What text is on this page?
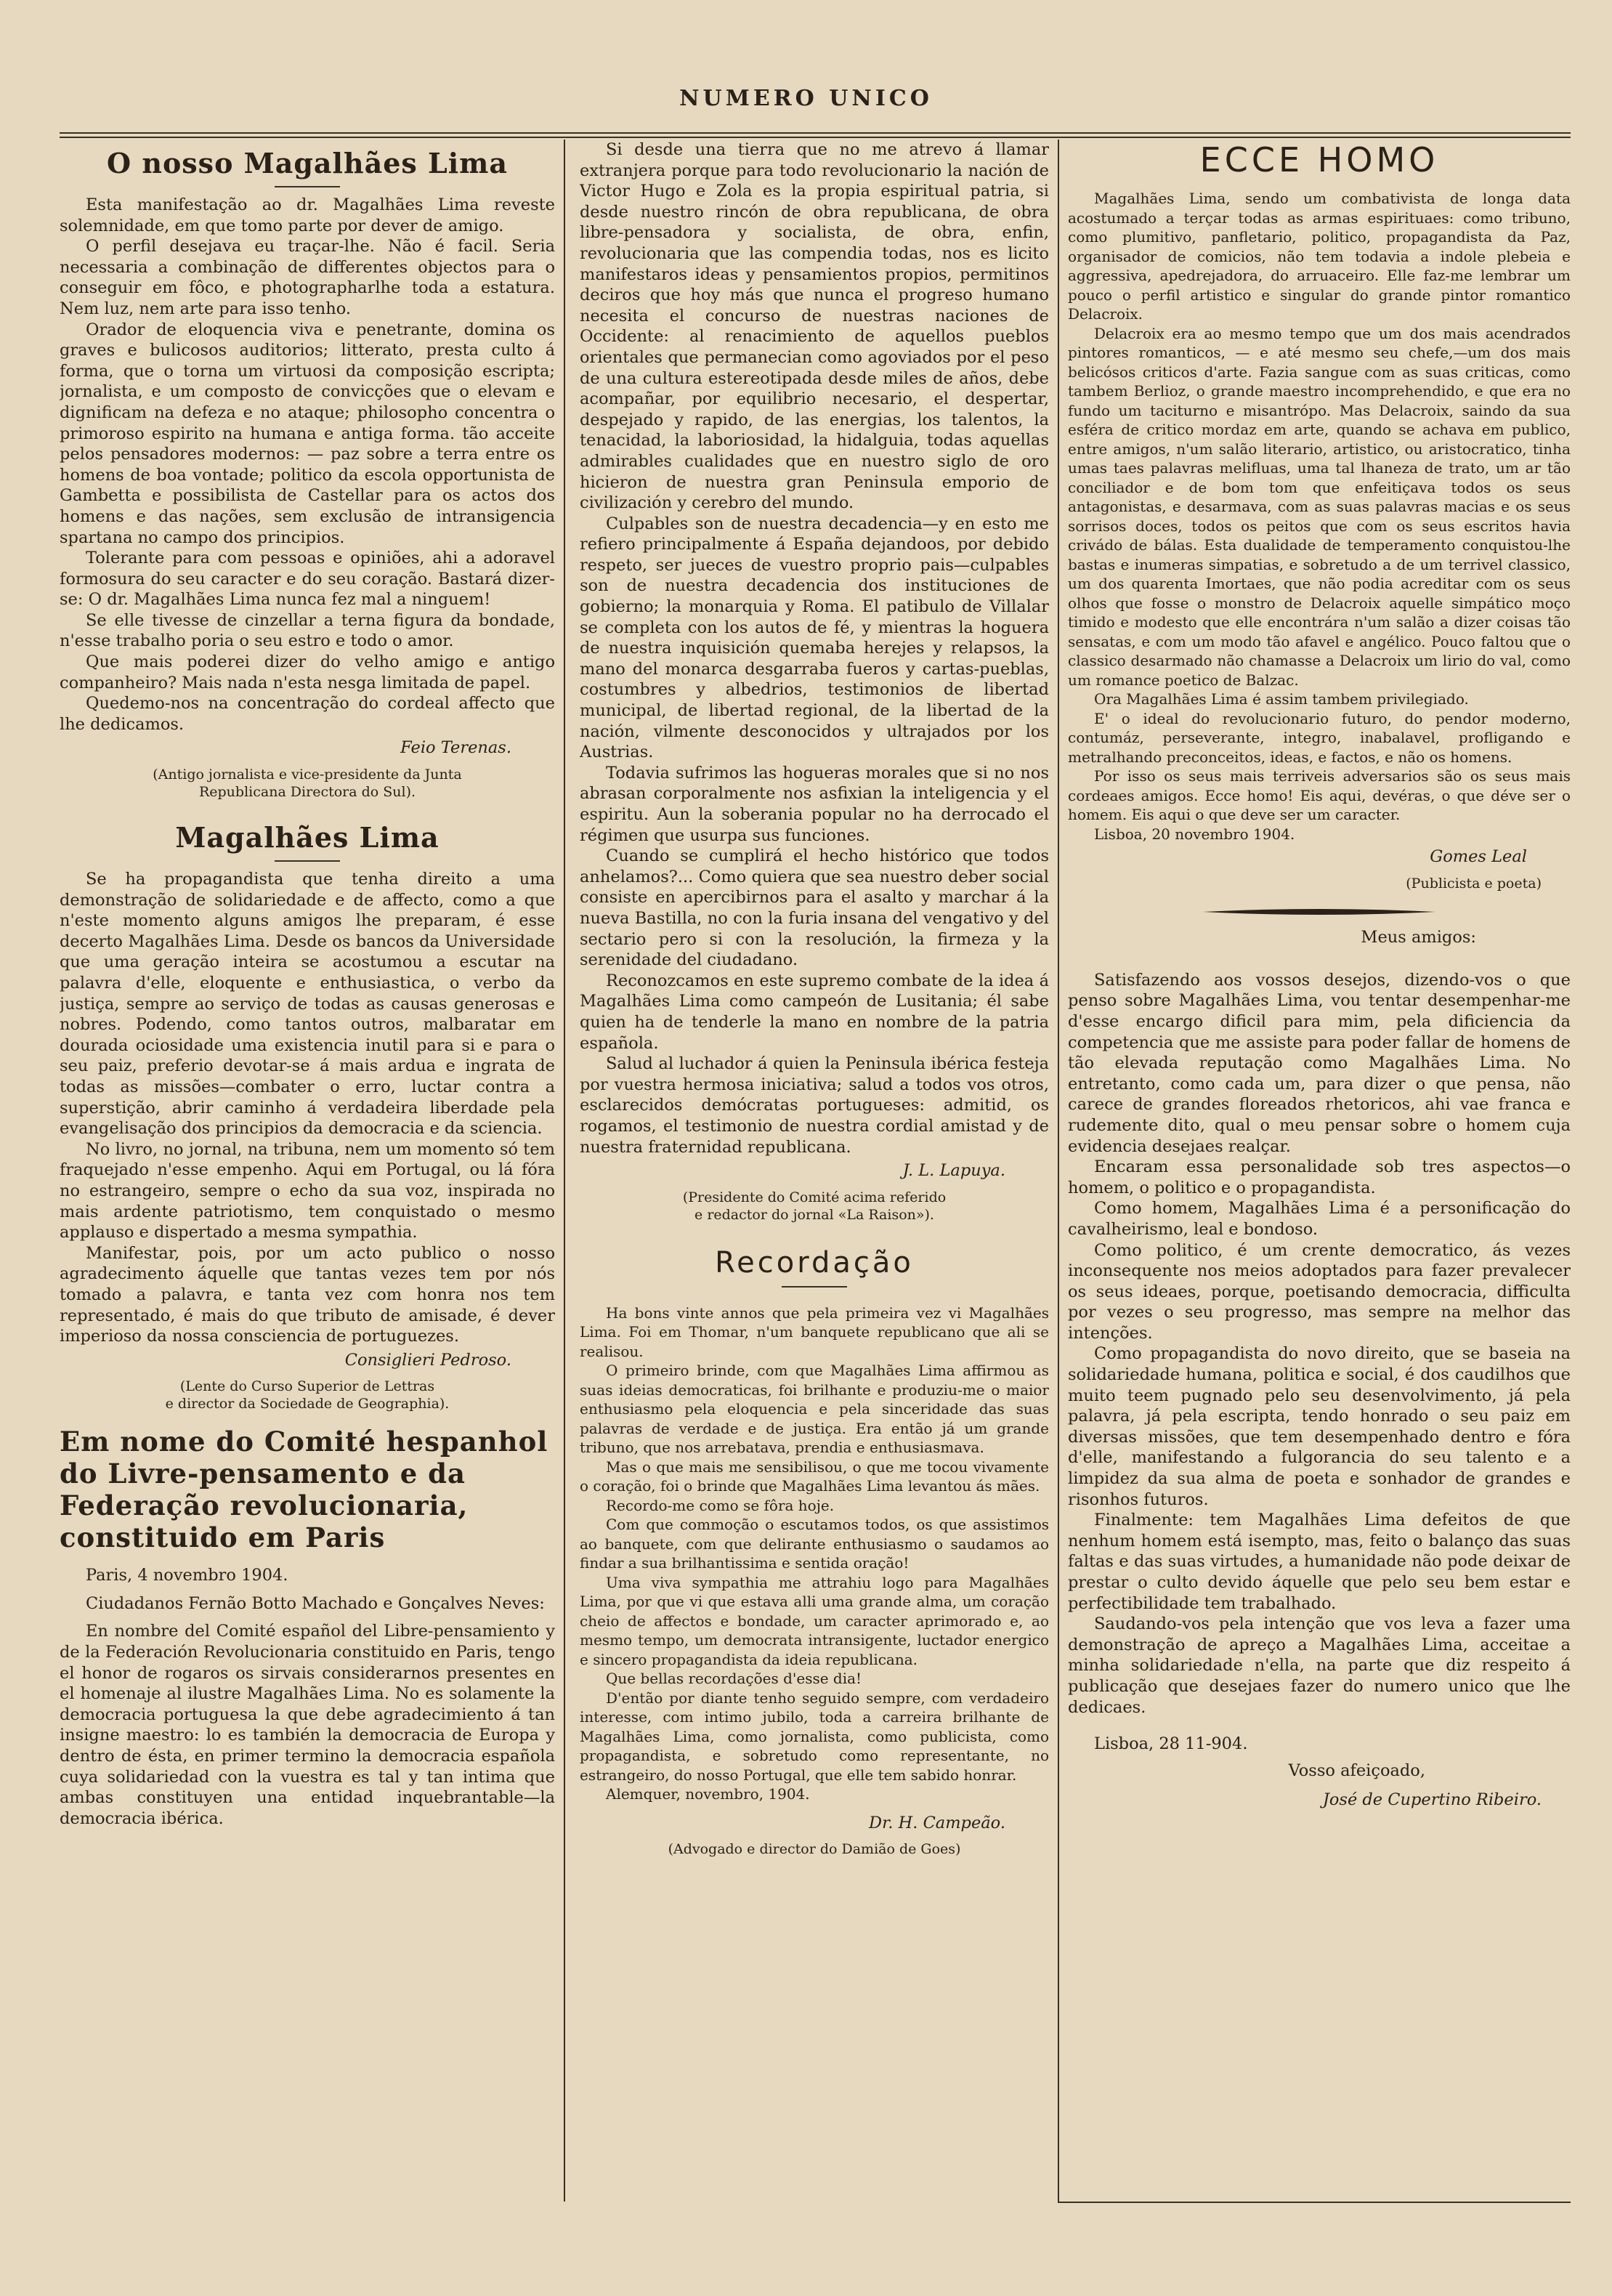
NUMERO UNICO
O nosso Magalhães Lima

Esta manifestação ao dr. Magalhães Lima reveste solemnidade, em que tomo parte por dever de amigo.

O perfil desejava eu traçar-lhe. Não é facil. Seria necessaria a combinação de differentes objectos para o conseguir em fôco, e photographarlhe toda a estatura. Nem luz, nem arte para isso tenho.

Orador de eloquencia viva e penetrante, domina os graves e bulicosos auditorios; litterato, presta culto á forma, que o torna um virtuosi da composição escripta; jornalista, e um composto de convicções que o elevam e dignificam na defeza e no ataque; philosopho concentra o primoroso espirito na humana e antiga forma. tão acceite pelos pensadores modernos: — paz sobre a terra entre os homens de boa vontade; politico da escola opportunista de Gambetta e possibilista de Castellar para os actos dos homens e das nações, sem exclusão de intransigencia spartana no campo dos principios.

Tolerante para com pessoas e opiniões, ahi a adoravel formosura do seu caracter e do seu coração. Bastará dizer-se: O dr. Magalhães Lima nunca fez mal a ninguem!

Se elle tivesse de cinzellar a terna figura da bondade, n'esse trabalho poria o seu estro e todo o amor.

Que mais poderei dizer do velho amigo e antigo companheiro? Mais nada n'esta nesga limitada de papel.

Quedemo-nos na concentração do cordeal affecto que lhe dedicamos.

Feio Terenas.
(Antigo jornalista e vice-presidente da Junta
Republicana Directora do Sul).
Magalhães Lima

Se ha propagandista que tenha direito a uma demonstração de solidariedade e de affecto, como a que n'este momento alguns amigos lhe preparam, é esse decerto Magalhães Lima. Desde os bancos da Universidade que uma geração inteira se acostumou a escutar na palavra d'elle, eloquente e enthusiastica, o verbo da justiça, sempre ao serviço de todas as causas generosas e nobres. Podendo, como tantos outros, malbaratar em dourada ociosidade uma existencia inutil para si e para o seu paiz, preferio devotar-se á mais ardua e ingrata de todas as missões—combater o erro, luctar contra a superstição, abrir caminho á verdadeira liberdade pela evangelisação dos principios da democracia e da sciencia.

No livro, no jornal, na tribuna, nem um momento só tem fraquejado n'esse empenho. Aqui em Portugal, ou lá fóra no estrangeiro, sempre o echo da sua voz, inspirada no mais ardente patriotismo, tem conquistado o mesmo applauso e dispertado a mesma sympathia.

Manifestar, pois, por um acto publico o nosso agradecimento áquelle que tantas vezes tem por nós tomado a palavra, e tanta vez com honra nos tem representado, é mais do que tributo de amisade, é dever imperioso da nossa consciencia de portuguezes.

Consiglieri Pedroso.
(Lente do Curso Superior de Lettras
e director da Sociedade de Geographia).
Em nome do Comité hespanhol do Livre-pensamento e da Federação revolucionaria, constituido em Paris

Paris, 4 novembro 1904.

Ciudadanos Fernão Botto Machado e Gonçalves Neves:

En nombre del Comité español del Libre-pensamiento y de la Federación Revolucionaria constituido en Paris, tengo el honor de rogaros os sirvais considerarnos presentes en el homenaje al ilustre Magalhães Lima. No es solamente la democracia portuguesa la que debe agradecimiento á tan insigne maestro: lo es también la democracia de Europa y dentro de ésta, en primer termino la democracia española cuya solidariedad con la vuestra es tal y tan intima que ambas constituyen una entidad inquebrantable—la democracia ibérica.

Si desde una tierra que no me atrevo á llamar extranjera porque para todo revolucionario la nación de Victor Hugo e Zola es la propia espiritual patria, si desde nuestro rincón de obra republicana, de obra libre-pensadora y socialista, de obra, enfin, revolucionaria que las compendia todas, nos es licito manifestaros ideas y pensamientos propios, permitinos deciros que hoy más que nunca el progreso humano necesita el concurso de nuestras naciones de Occidente: al renacimiento de aquellos pueblos orientales que permanecian como agoviados por el peso de una cultura estereotipada desde miles de años, debe acompañar, por equilibrio necesario, el despertar, despejado y rapido, de las energias, los talentos, la tenacidad, la laboriosidad, la hidalguia, todas aquellas admirables cualidades que en nuestro siglo de oro hicieron de nuestra gran Peninsula emporio de civilización y cerebro del mundo.

Culpables son de nuestra decadencia—y en esto me refiero principalmente á España dejandoos, por debido respeto, ser jueces de vuestro proprio pais—culpables son de nuestra decadencia dos instituciones de gobierno; la monarquia y Roma. El patibulo de Villalar se completa con los autos de fé, y mientras la hoguera de nuestra inquisición quemaba herejes y relapsos, la mano del monarca desgarraba fueros y cartas-pueblas, costumbres y albedrios, testimonios de libertad municipal, de libertad regional, de la libertad de la nación, vilmente desconocidos y ultrajados por los Austrias.

Todavia sufrimos las hogueras morales que si no nos abrasan corporalmente nos asfixian la inteligencia y el espiritu. Aun la soberania popular no ha derrocado el régimen que usurpa sus funciones.

Cuando se cumplirá el hecho histórico que todos anhelamos?... Como quiera que sea nuestro deber social consiste en apercibirnos para el asalto y marchar á la nueva Bastilla, no con la furia insana del vengativo y del sectario pero si con la resolución, la firmeza y la serenidade del ciudadano.

Reconozcamos en este supremo combate de la idea á Magalhães Lima como campeón de Lusitania; él sabe quien ha de tenderle la mano en nombre de la patria española.

Salud al luchador á quien la Peninsula ibérica festeja por vuestra hermosa iniciativa; salud a todos vos otros, esclarecidos demócratas portugueses: admitid, os rogamos, el testimonio de nuestra cordial amistad y de nuestra fraternidad republicana.

J. L. Lapuya.
(Presidente do Comité acima referido
e redactor do jornal «La Raison»).
Recordação

Ha bons vinte annos que pela primeira vez vi Magalhães Lima. Foi em Thomar, n'um banquete republicano que ali se realisou.

O primeiro brinde, com que Magalhães Lima affirmou as suas ideias democraticas, foi brilhante e produziu-me o maior enthusiasmo pela eloquencia e pela sinceridade das suas palavras de verdade e de justiça. Era então já um grande tribuno, que nos arrebatava, prendia e enthusiasmava.

Mas o que mais me sensibilisou, o que me tocou vivamente o coração, foi o brinde que Magalhães Lima levantou ás mães.

Recordo-me como se fôra hoje.

Com que commoção o escutamos todos, os que assistimos ao banquete, com que delirante enthusiasmo o saudamos ao findar a sua brilhantissima e sentida oração!

Uma viva sympathia me attrahiu logo para Magalhães Lima, por que vi que estava alli uma grande alma, um coração cheio de affectos e bondade, um caracter aprimorado e, ao mesmo tempo, um democrata intransigente, luctador energico e sincero propagandista da ideia republicana.

Que bellas recordações d'esse dia!

D'então por diante tenho seguido sempre, com verdadeiro interesse, com intimo jubilo, toda a carreira brilhante de Magalhães Lima, como jornalista, como publicista, como propagandista, e sobretudo como representante, no estrangeiro, do nosso Portugal, que elle tem sabido honrar.

Alemquer, novembro, 1904.

Dr. H. Campeão.
(Advogado e director do Damião de Goes)
ECCE HOMO

Magalhães Lima, sendo um combativista de longa data acostumado a terçar todas as armas espirituaes: como tribuno, como plumitivo, panfletario, politico, propagandista da Paz, organisador de comicios, não tem todavia a indole plebeia e aggressiva, apedrejadora, do arruaceiro. Elle faz-me lembrar um pouco o perfil artistico e singular do grande pintor romantico Delacroix.

Delacroix era ao mesmo tempo que um dos mais acendrados pintores romanticos, — e até mesmo seu chefe,—um dos mais belicósos criticos d'arte. Fazia sangue com as suas criticas, como tambem Berlioz, o grande maestro incomprehendido, e que era no fundo um taciturno e misantrópo. Mas Delacroix, saindo da sua esféra de critico mordaz em arte, quando se achava em publico, entre amigos, n'um salão literario, artistico, ou aristocratico, tinha umas taes palavras melifluas, uma tal lhaneza de trato, um ar tão conciliador e de bom tom que enfeitiçava todos os seus antagonistas, e desarmava, com as suas palavras macias e os seus sorrisos doces, todos os peitos que com os seus escritos havia crivádo de bálas. Esta dualidade de temperamento conquistou-lhe bastas e inumeras simpatias, e sobretudo a de um terrivel classico, um dos quarenta Imortaes, que não podia acreditar com os seus olhos que fosse o monstro de Delacroix aquelle simpático moço timido e modesto que elle encontrára n'um salão a dizer coisas tão sensatas, e com um modo tão afavel e angélico. Pouco faltou que o classico desarmado não chamasse a Delacroix um lirio do val, como um romance poetico de Balzac.

Ora Magalhães Lima é assim tambem privilegiado.

E' o ideal do revolucionario futuro, do pendor moderno, contumáz, perseverante, integro, inabalavel, profligando e metralhando preconceitos, ideas, e factos, e não os homens.

Por isso os seus mais terriveis adversarios são os seus mais cordeaes amigos. Ecce homo! Eis aqui, devéras, o que déve ser o homem. Eis aqui o que deve ser um caracter.

Lisboa, 20 novembro 1904.

Gomes Leal
(Publicista e poeta)
Meus amigos:

Satisfazendo aos vossos desejos, dizendo-vos o que penso sobre Magalhães Lima, vou tentar desempenhar-me d'esse encargo dificil para mim, pela dificiencia da competencia que me assiste para poder fallar de homens de tão elevada reputação como Magalhães Lima. No entretanto, como cada um, para dizer o que pensa, não carece de grandes floreados rhetoricos, ahi vae franca e rudemente dito, qual o meu pensar sobre o homem cuja evidencia desejaes realçar.

Encaram essa personalidade sob tres aspectos—o homem, o politico e o propagandista.

Como homem, Magalhães Lima é a personificação do cavalheirismo, leal e bondoso.

Como politico, é um crente democratico, ás vezes inconsequente nos meios adoptados para fazer prevalecer os seus ideaes, porque, poetisando democracia, difficulta por vezes o seu progresso, mas sempre na melhor das intenções.

Como propagandista do novo direito, que se baseia na solidariedade humana, politica e social, é dos caudilhos que muito teem pugnado pelo seu desenvolvimento, já pela palavra, já pela escripta, tendo honrado o seu paiz em diversas missões, que tem desempenhado dentro e fóra d'elle, manifestando a fulgorancia do seu talento e a limpidez da sua alma de poeta e sonhador de grandes e risonhos futuros.

Finalmente: tem Magalhães Lima defeitos de que nenhum homem está isempto, mas, feito o balanço das suas faltas e das suas virtudes, a humanidade não pode deixar de prestar o culto devido áquelle que pelo seu bem estar e perfectibilidade tem trabalhado.

Saudando-vos pela intenção que vos leva a fazer uma demonstração de apreço a Magalhães Lima, acceitae a minha solidariedade n'ella, na parte que diz respeito á publicação que desejaes fazer do numero unico que lhe dedicaes.

Lisboa, 28 11-904.

Vosso afeiçoado,
José de Cupertino Ribeiro.
